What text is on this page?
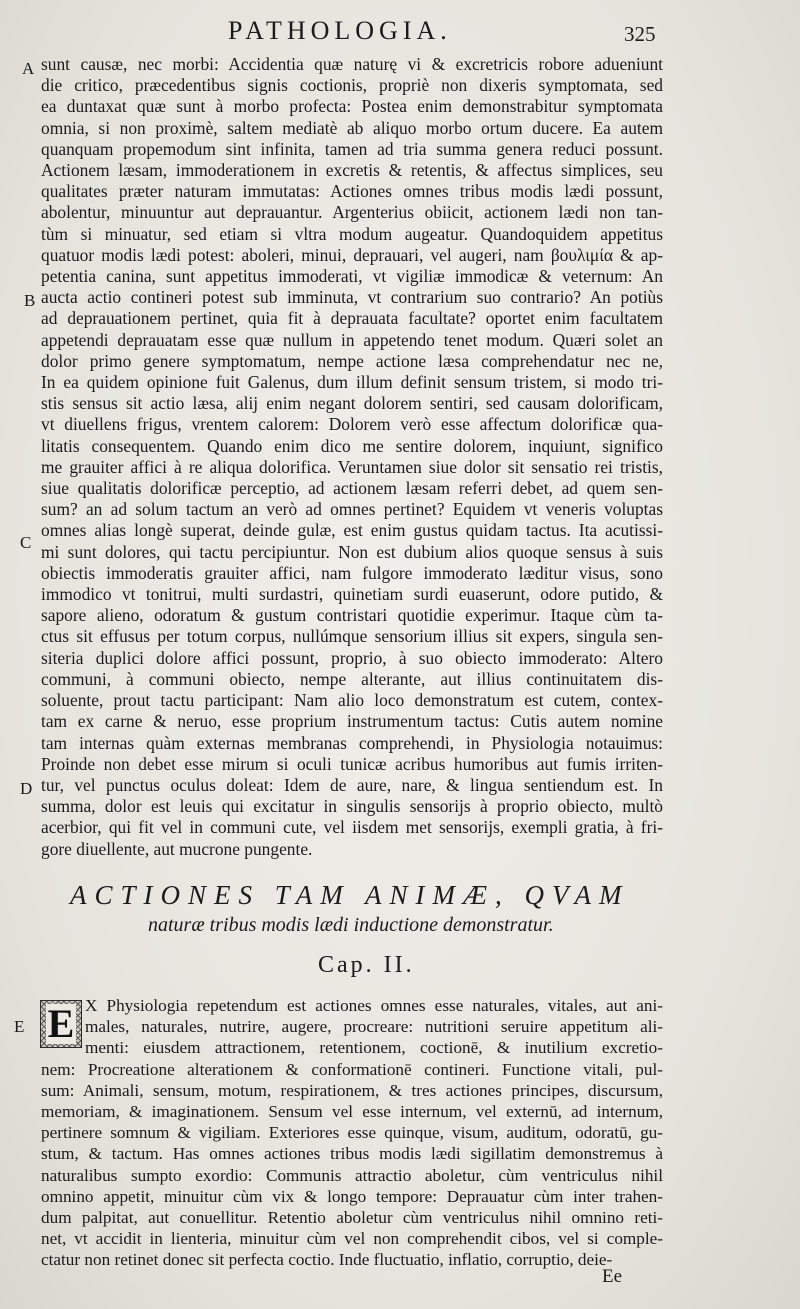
PATHOLOGIA.	325
A
B
C
D
E
sunt causæ, nec morbi: Accidentia quæ naturę vi & excretricis robore adueniunt
die critico, præcedentibus signis coctionis, propriè non dixeris symptomata, sed
ea duntaxat quæ sunt à morbo profecta: Postea enim demonstrabitur symptomata
omnia, si non proximè, saltem mediatè ab aliquo morbo ortum ducere. Ea autem
quanquam propemodum sint infinita, tamen ad tria summa genera reduci possunt.
Actionem læsam, immoderationem in excretis & retentis, & affectus simplices, seu
qualitates præter naturam immutatas: Actiones omnes tribus modis lædi possunt,
abolentur, minuuntur aut deprauantur. Argenterius obiicit, actionem lædi non tan-
tùm si minuatur, sed etiam si vltra modum augeatur. Quandoquidem appetitus
quatuor modis lædi potest: aboleri, minui, deprauari, vel augeri, nam βουλιμία & ap-
petentia canina, sunt appetitus immoderati, vt vigiliæ immodicæ & veternum: An
aucta actio contineri potest sub imminuta, vt contrarium suo contrario? An potiùs
ad deprauationem pertinet, quia fit à deprauata facultate? oportet enim facultatem
appetendi deprauatam esse quæ nullum in appetendo tenet modum. Quæri solet an
dolor primo genere symptomatum, nempe actione læsa comprehendatur nec ne,
In ea quidem opinione fuit Galenus, dum illum definit sensum tristem, si modo tri-
stis sensus sit actio læsa, alij enim negant dolorem sentiri, sed causam dolorificam,
vt diuellens frigus, vrentem calorem: Dolorem verò esse affectum dolorificæ qua-
litatis consequentem. Quando enim dico me sentire dolorem, inquiunt, significo
me grauiter affici à re aliqua dolorifica. Veruntamen siue dolor sit sensatio rei tristis,
siue qualitatis dolorificæ perceptio, ad actionem læsam referri debet, ad quem sen-
sum? an ad solum tactum an verò ad omnes pertinet? Equidem vt veneris voluptas
omnes alias longè superat, deinde gulæ, est enim gustus quidam tactus. Ita acutissi-
mi sunt dolores, qui tactu percipiuntur. Non est dubium alios quoque sensus à suis
obiectis immoderatis grauiter affici, nam fulgore immoderato læditur visus, sono
immodico vt tonitrui, multi surdastri, quinetiam surdi euaserunt, odore putido, &
sapore alieno, odoratum & gustum contristari quotidie experimur. Itaque cùm ta-
ctus sit effusus per totum corpus, nullúmque sensorium illius sit expers, singula sen-
siteria duplici dolore affici possunt, proprio, à suo obiecto immoderato: Altero
communi, à communi obiecto, nempe alterante, aut illius continuitatem dis-
soluente, prout tactu participant: Nam alio loco demonstratum est cutem, contex-
tam ex carne & neruo, esse proprium instrumentum tactus: Cutis autem nomine
tam internas quàm externas membranas comprehendi, in Physiologia notauimus:
Proinde non debet esse mirum si oculi tunicæ acribus humoribus aut fumis irriten-
tur, vel punctus oculus doleat: Idem de aure, nare, & lingua sentiendum est. In
summa, dolor est leuis qui excitatur in singulis sensorijs à proprio obiecto, multò
acerbior, qui fit vel in communi cute, vel iisdem met sensorijs, exempli gratia, à fri-
gore diuellente, aut mucrone pungente.
ACTIONES TAM ANIMÆ, QVAM
naturæ tribus modis lædi inductione demonstratur.
Cap. II.
E X Physiologia repetendum est actiones omnes esse naturales, vitales, aut ani-
males, naturales, nutrire, augere, procreare: nutritioni seruire appetitum ali-
menti: eiusdem attractionem, retentionem, coctionē, & inutilium excretio-
nem: Procreatione alterationem & conformationē contineri. Functione vitali, pul-
sum: Animali, sensum, motum, respirationem, & tres actiones principes, discursum,
memoriam, & imaginationem. Sensum vel esse internum, vel externū, ad internum,
pertinere somnum & vigiliam. Exteriores esse quinque, visum, auditum, odoratū, gu-
stum, & tactum. Has omnes actiones tribus modis lædi sigillatim demonstremus à
naturalibus sumpto exordio: Communis attractio aboletur, cùm ventriculus nihil
omnino appetit, minuitur cùm vix & longo tempore: Deprauatur cùm inter trahen-
dum palpitat, aut conuellitur. Retentio aboletur cùm ventriculus nihil omnino reti-
net, vt accidit in lienteria, minuitur cùm vel non comprehendit cibos, vel si comple-
ctatur non retinet donec sit perfecta coctio. Inde fluctuatio, inflatio, corruptio, deie-
Ee
